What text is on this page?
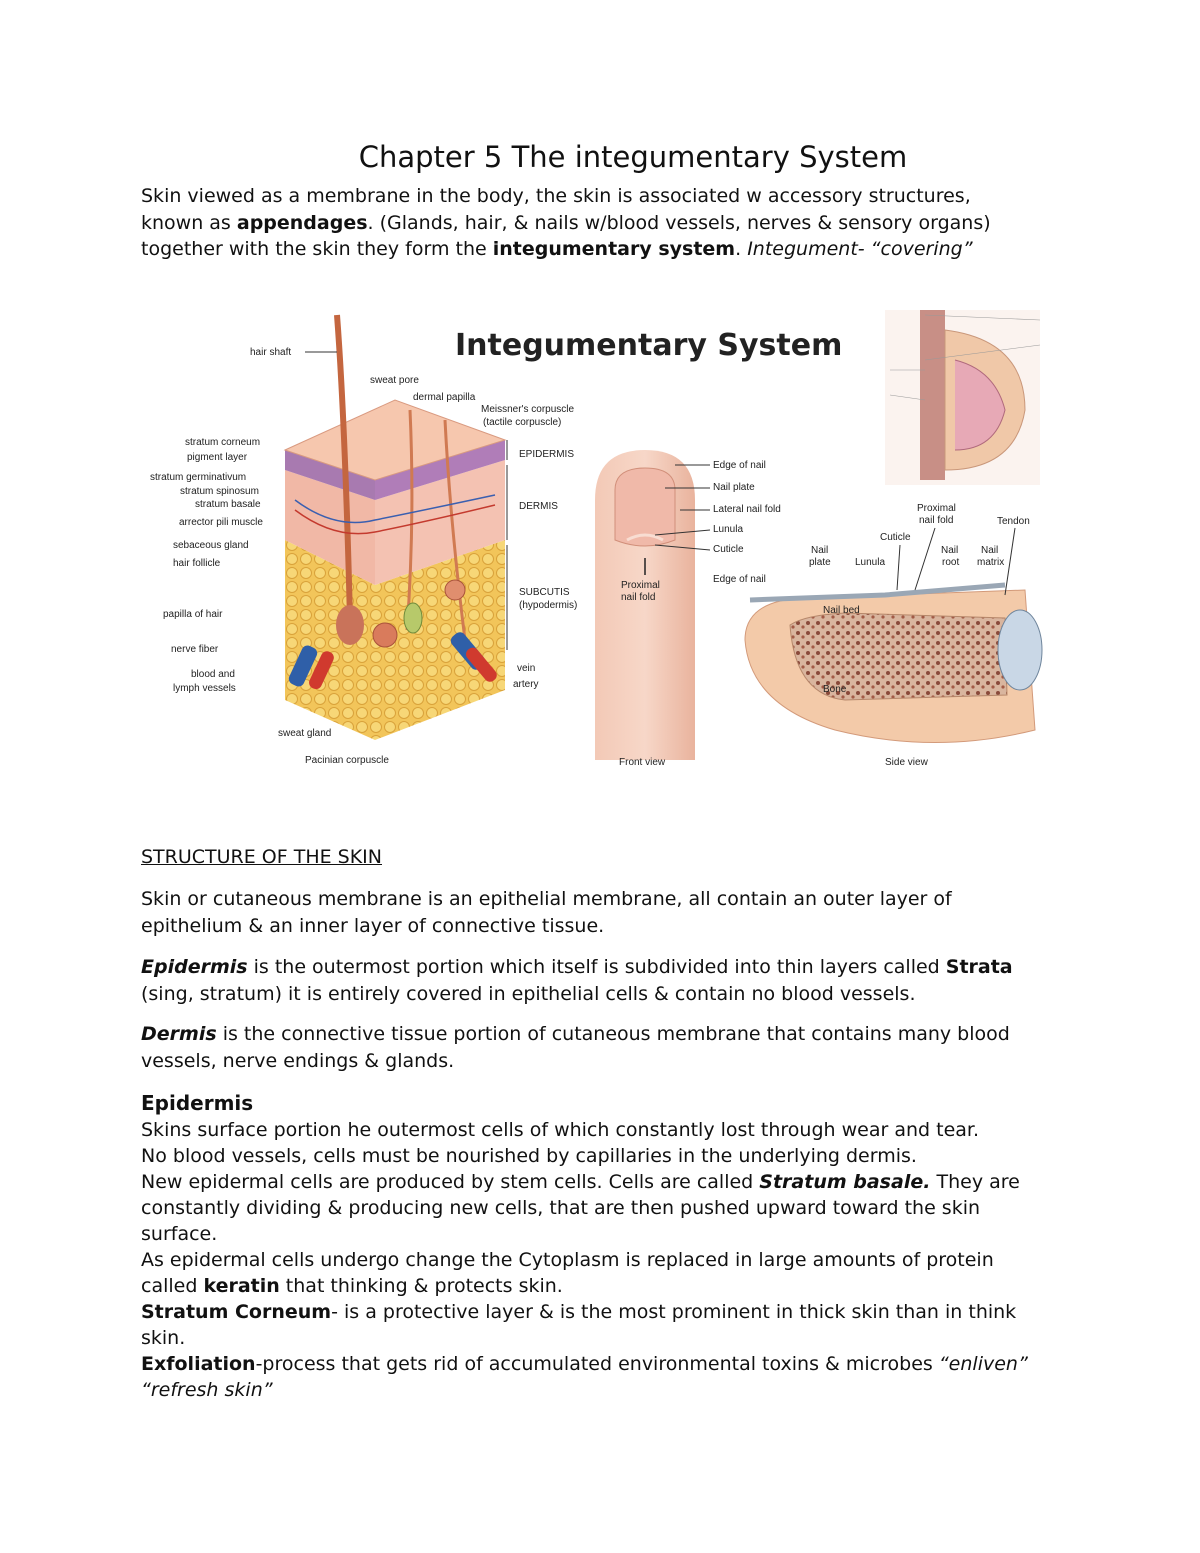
Chapter 5 The integumentary System
Skin viewed as a membrane in the body, the skin is associated w accessory structures,
known as appendages. (Glands, hair, & nails w/blood vessels, nerves & sensory organs)
together with the skin they form the integumentary system. Integument- “covering”
Integumentary System
hair shaft
sweat pore
dermal papilla
Meissner's corpuscle
(tactile corpuscle)
stratum corneum
pigment layer
stratum germinativum
stratum spinosum
stratum basale
arrector pili muscle
sebaceous gland
hair follicle
papilla of hair
nerve fiber
blood and
lymph vessels
sweat gland
Pacinian corpuscle
EPIDERMIS
DERMIS
SUBCUTIS
(hypodermis)
vein
artery
Edge of nail
Nail plate
Lateral nail fold
Lunula
Cuticle
Edge of nail
Proximal
nail fold
Front view
Proximal
nail fold	Tendon
Cuticle
Nail
plate Lunula
Nail
root
Nail
matrix
Nail bed
Bone
Side view
STRUCTURE OF THE SKIN
Skin or cutaneous membrane is an epithelial membrane, all contain an outer layer of
epithelium & an inner layer of connective tissue.
Epidermis is the outermost portion which itself is subdivided into thin layers called Strata
(sing, stratum) it is entirely covered in epithelial cells & contain no blood vessels.
Dermis is the connective tissue portion of cutaneous membrane that contains many blood
vessels, nerve endings & glands.
Epidermis
Skins surface portion he outermost cells of which constantly lost through wear and tear.
No blood vessels, cells must be nourished by capillaries in the underlying dermis.
New epidermal cells are produced by stem cells. Cells are called Stratum basale. They are
constantly dividing & producing new cells, that are then pushed upward toward the skin
surface.
As epidermal cells undergo change the Cytoplasm is replaced in large amounts of protein
called keratin that thinking & protects skin.
Stratum Corneum- is a protective layer & is the most prominent in thick skin than in think
skin.
Exfoliation-process that gets rid of accumulated environmental toxins & microbes “enliven”
“refresh skin”
